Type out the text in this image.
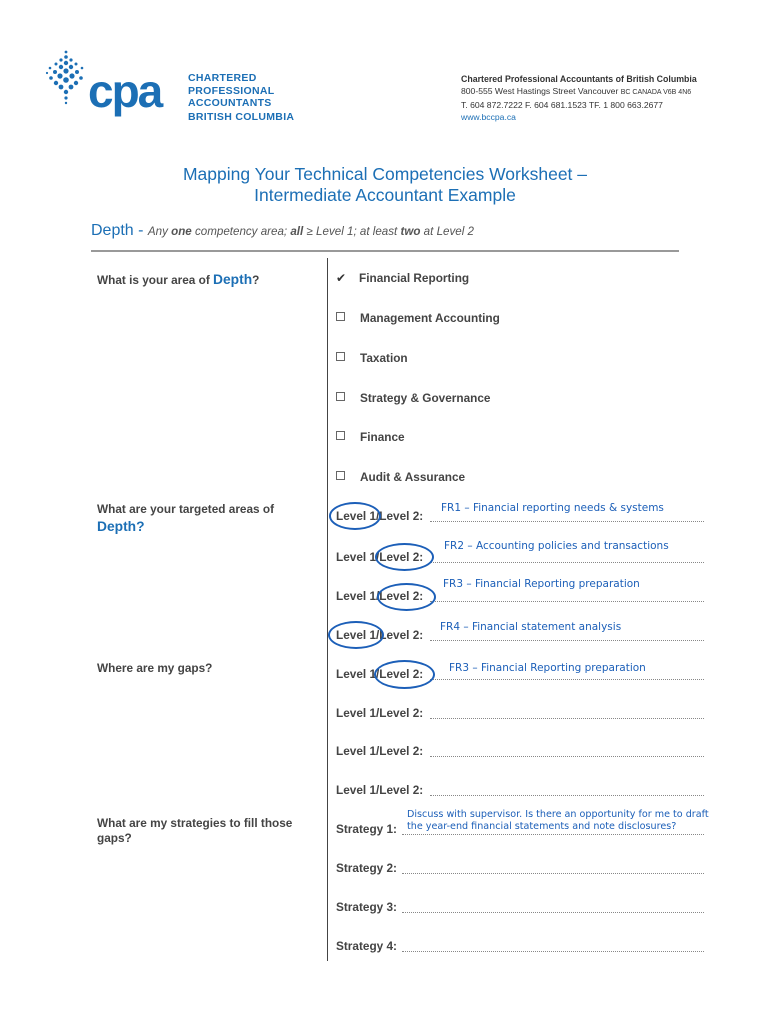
cpa	CHARTERED
PROFESSIONAL
ACCOUNTANTS
BRITISH COLUMBIA
Chartered Professional Accountants of British Columbia
800-555 West Hastings Street Vancouver BC CANADA V6B 4N6
T. 604 872.7222 F. 604 681.1523 TF. 1 800 663.2677
www.bccpa.ca
Mapping Your Technical Competencies Worksheet –
Intermediate Accountant Example
Depth - Any one competency area; all ≥ Level 1; at least two at Level 2
What is your area of Depth?
What are your targeted areas of
Depth?
Where are my gaps?
What are my strategies to fill those
gaps?
✔ Financial Reporting
Management Accounting
Taxation
Strategy & Governance
Finance
Audit & Assurance
Level 1/Level 2:
FR1 – Financial reporting needs & systems
Level 1/Level 2:
FR2 – Accounting policies and transactions
Level 1/Level 2:
FR3 – Financial Reporting preparation
Level 1/Level 2:
FR4 – Financial statement analysis
Level 1/Level 2: FR3 – Financial Reporting preparation
Level 1/Level 2:
Level 1/Level 2:
Level 1/Level 2:
Strategy 1:
Discuss with supervisor. Is there an opportunity for me to draft
the year-end financial statements and note disclosures?
Strategy 2:
Strategy 3:
Strategy 4:
